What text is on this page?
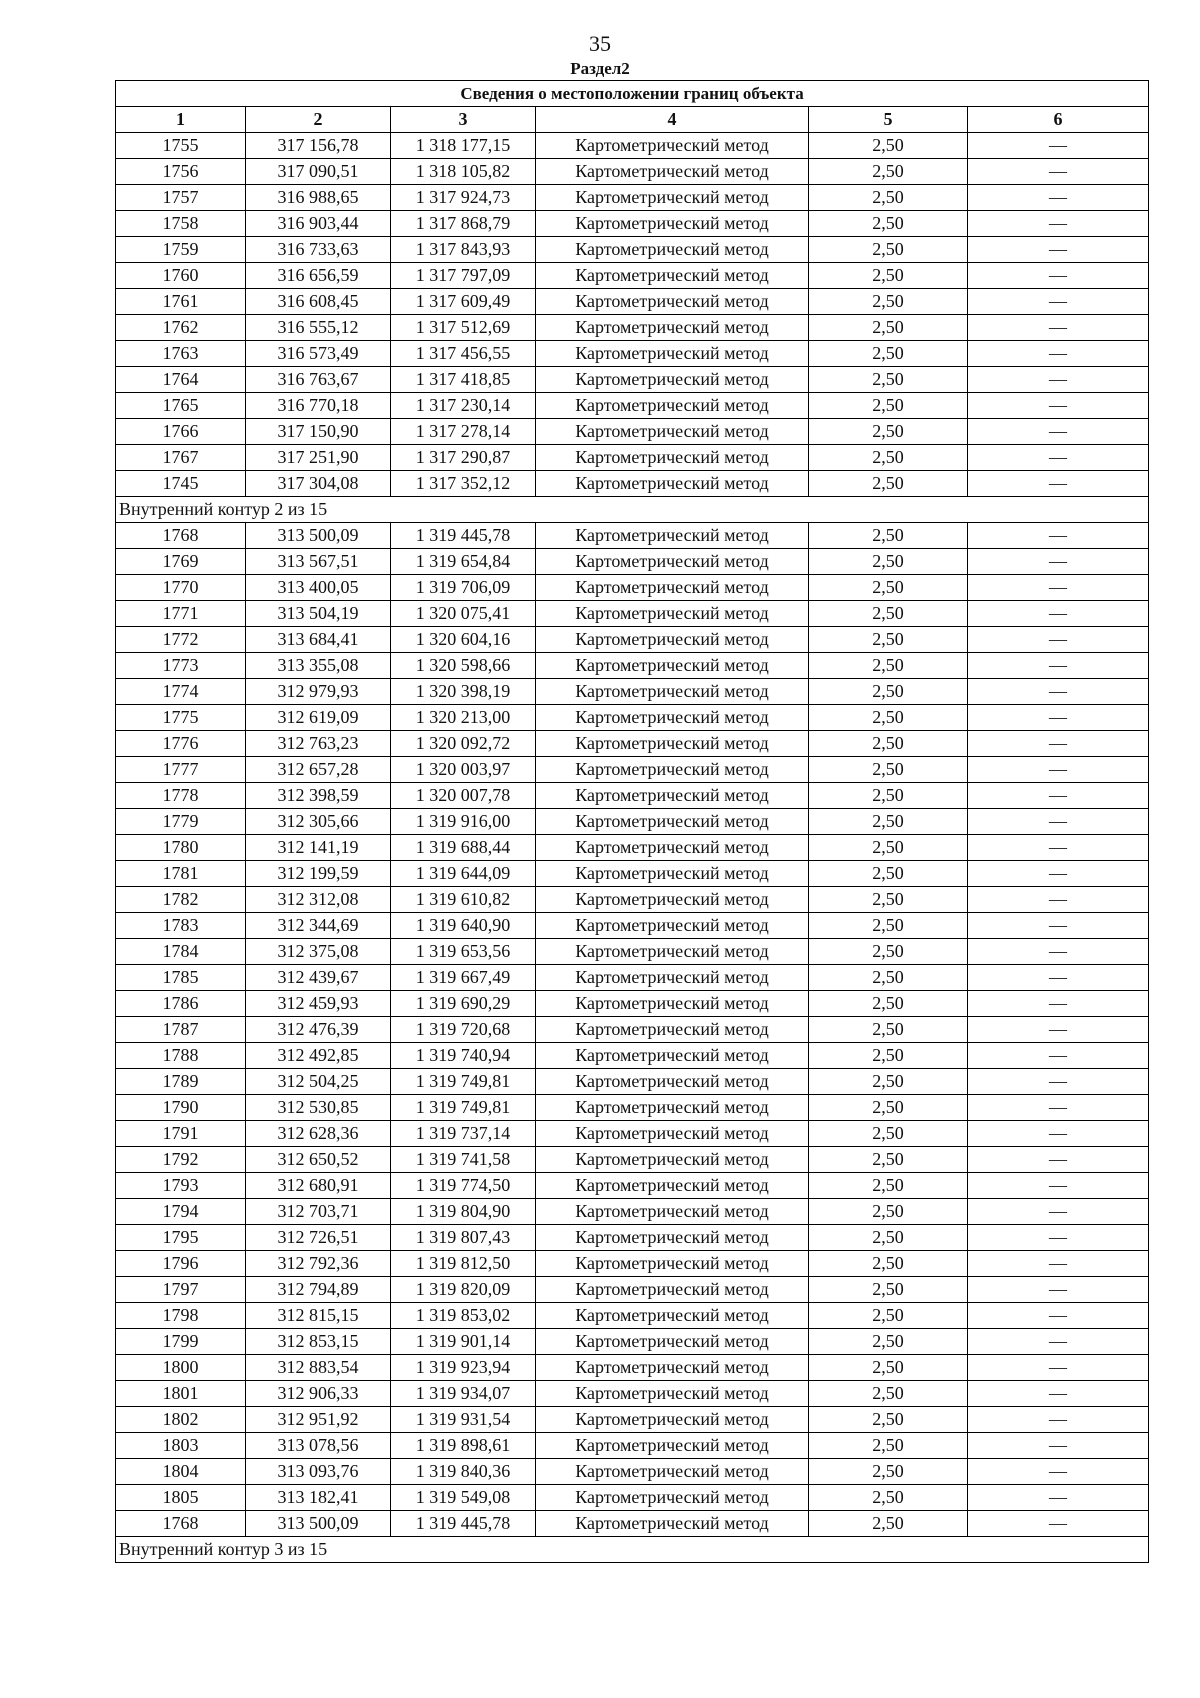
35
Раздел2
Сведения о местоположении границ объекта					
1	2	3	4	5	6
1755	317 156,78	1 318 177,15	Картометрический метод	2,50	—
1756	317 090,51	1 318 105,82	Картометрический метод	2,50	—
1757	316 988,65	1 317 924,73	Картометрический метод	2,50	—
1758	316 903,44	1 317 868,79	Картометрический метод	2,50	—
1759	316 733,63	1 317 843,93	Картометрический метод	2,50	—
1760	316 656,59	1 317 797,09	Картометрический метод	2,50	—
1761	316 608,45	1 317 609,49	Картометрический метод	2,50	—
1762	316 555,12	1 317 512,69	Картометрический метод	2,50	—
1763	316 573,49	1 317 456,55	Картометрический метод	2,50	—
1764	316 763,67	1 317 418,85	Картометрический метод	2,50	—
1765	316 770,18	1 317 230,14	Картометрический метод	2,50	—
1766	317 150,90	1 317 278,14	Картометрический метод	2,50	—
1767	317 251,90	1 317 290,87	Картометрический метод	2,50	—
1745	317 304,08	1 317 352,12	Картометрический метод	2,50	—
Внутренний контур 2 из 15					
1768	313 500,09	1 319 445,78	Картометрический метод	2,50	—
1769	313 567,51	1 319 654,84	Картометрический метод	2,50	—
1770	313 400,05	1 319 706,09	Картометрический метод	2,50	—
1771	313 504,19	1 320 075,41	Картометрический метод	2,50	—
1772	313 684,41	1 320 604,16	Картометрический метод	2,50	—
1773	313 355,08	1 320 598,66	Картометрический метод	2,50	—
1774	312 979,93	1 320 398,19	Картометрический метод	2,50	—
1775	312 619,09	1 320 213,00	Картометрический метод	2,50	—
1776	312 763,23	1 320 092,72	Картометрический метод	2,50	—
1777	312 657,28	1 320 003,97	Картометрический метод	2,50	—
1778	312 398,59	1 320 007,78	Картометрический метод	2,50	—
1779	312 305,66	1 319 916,00	Картометрический метод	2,50	—
1780	312 141,19	1 319 688,44	Картометрический метод	2,50	—
1781	312 199,59	1 319 644,09	Картометрический метод	2,50	—
1782	312 312,08	1 319 610,82	Картометрический метод	2,50	—
1783	312 344,69	1 319 640,90	Картометрический метод	2,50	—
1784	312 375,08	1 319 653,56	Картометрический метод	2,50	—
1785	312 439,67	1 319 667,49	Картометрический метод	2,50	—
1786	312 459,93	1 319 690,29	Картометрический метод	2,50	—
1787	312 476,39	1 319 720,68	Картометрический метод	2,50	—
1788	312 492,85	1 319 740,94	Картометрический метод	2,50	—
1789	312 504,25	1 319 749,81	Картометрический метод	2,50	—
1790	312 530,85	1 319 749,81	Картометрический метод	2,50	—
1791	312 628,36	1 319 737,14	Картометрический метод	2,50	—
1792	312 650,52	1 319 741,58	Картометрический метод	2,50	—
1793	312 680,91	1 319 774,50	Картометрический метод	2,50	—
1794	312 703,71	1 319 804,90	Картометрический метод	2,50	—
1795	312 726,51	1 319 807,43	Картометрический метод	2,50	—
1796	312 792,36	1 319 812,50	Картометрический метод	2,50	—
1797	312 794,89	1 319 820,09	Картометрический метод	2,50	—
1798	312 815,15	1 319 853,02	Картометрический метод	2,50	—
1799	312 853,15	1 319 901,14	Картометрический метод	2,50	—
1800	312 883,54	1 319 923,94	Картометрический метод	2,50	—
1801	312 906,33	1 319 934,07	Картометрический метод	2,50	—
1802	312 951,92	1 319 931,54	Картометрический метод	2,50	—
1803	313 078,56	1 319 898,61	Картометрический метод	2,50	—
1804	313 093,76	1 319 840,36	Картометрический метод	2,50	—
1805	313 182,41	1 319 549,08	Картометрический метод	2,50	—
1768	313 500,09	1 319 445,78	Картометрический метод	2,50	—
Внутренний контур 3 из 15					
